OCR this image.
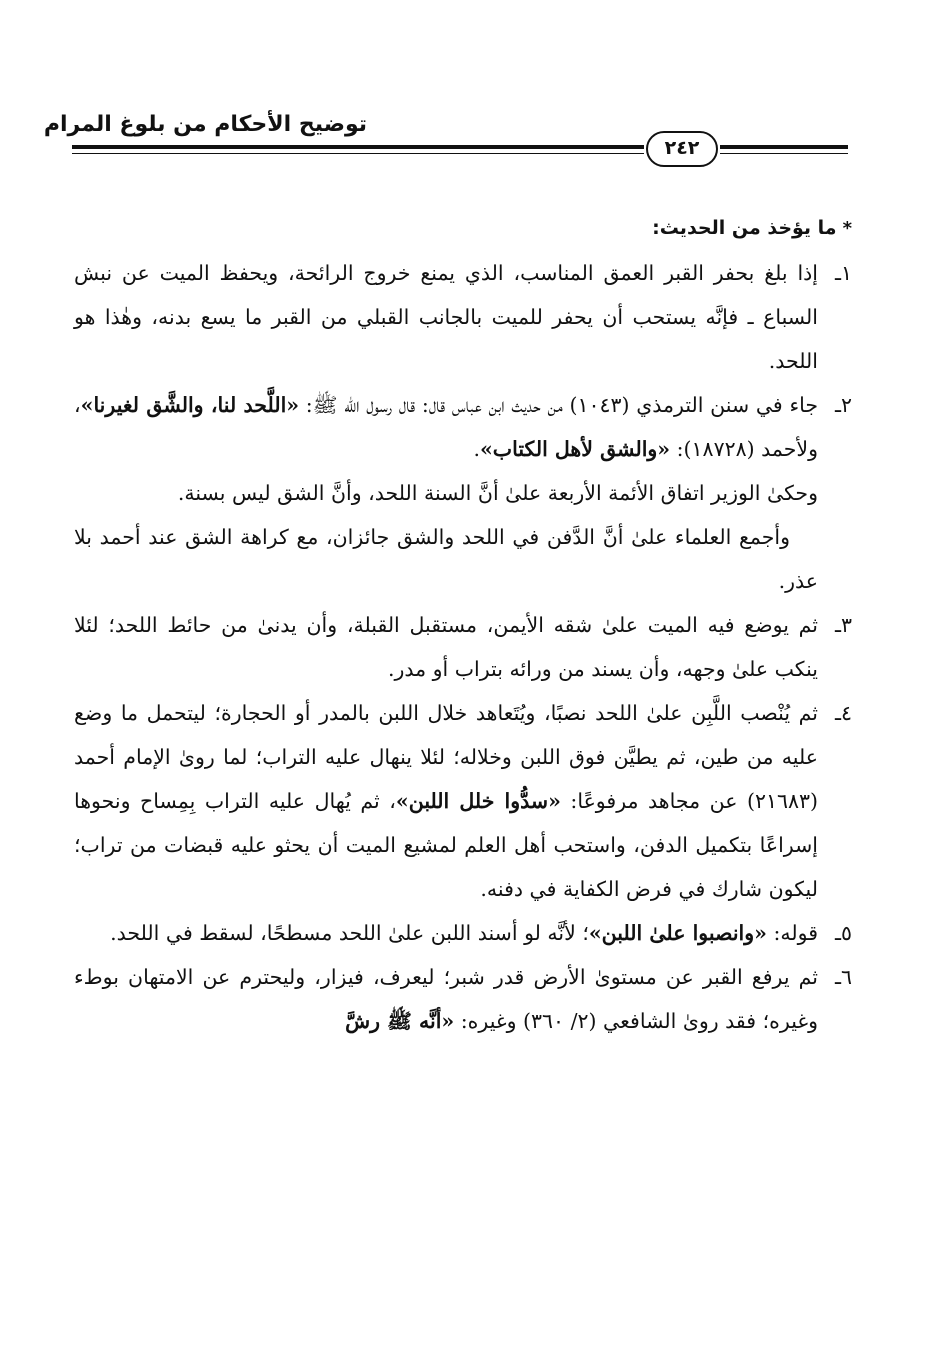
توضيح الأحكام من بلوغ المرام
٢٤٢
*ما يؤخذ من الحديث:

١ـ
إذا بلغ بحفر القبر العمق المناسب، الذي يمنع خروج الرائحة، ويحفظ الميت عن نبش السباع ـ فإنَّه يستحب أن يحفر للميت بالجانب القبلي من القبر ما يسع بدنه، وهٰذا هو اللحد.

٢ـ
جاء في سنن الترمذي (١٠٤٣) من حديث ابن عباس قال: قال رسول الله ﷺ: «اللَّحد لنا، والشَّق لغيرنا»، ولأحمد (١٨٧٢٨): «والشق لأهل الكتاب».

وحكىٰ الوزير اتفاق الأئمة الأربعة علىٰ أنَّ السنة اللحد، وأنَّ الشق ليس بسنة.

وأجمع العلماء علىٰ أنَّ الدَّفن في اللحد والشق جائزان، مع كراهة الشق عند أحمد بلا عذر.

٣ـ
ثم يوضع فيه الميت علىٰ شقه الأيمن، مستقبل القبلة، وأن يدنىٰ من حائط اللحد؛ لئلا ينكب علىٰ وجهه، وأن يسند من ورائه بتراب أو مدر.

٤ـ
ثم يُنْصب اللَّبِن علىٰ اللحد نصبًا، ويُتَعاهد خلال اللبن بالمدر أو الحجارة؛ ليتحمل ما وضع عليه من طين، ثم يطيَّن فوق اللبن وخلاله؛ لئلا ينهال عليه التراب؛ لما روىٰ الإمام أحمد (٢١٦٨٣) عن مجاهد مرفوعًا: «سدُّوا خلل اللبن»، ثم يُهال عليه التراب بِمِساح ونحوها إسراعًا بتكميل الدفن، واستحب أهل العلم لمشيع الميت أن يحثو عليه قبضات من تراب؛ ليكون شارك في فرض الكفاية في دفنه.

٥ـ
قوله: «وانصبوا علىٰ اللبن»؛ لأنَّه لو أسند اللبن علىٰ اللحد مسطحًا، لسقط في اللحد.

٦ـ
ثم يرفع القبر عن مستوىٰ الأرض قدر شبر؛ ليعرف، فيزار، وليحترم عن الامتهان بوطء وغيره؛ فقد روىٰ الشافعي (٢/ ٣٦٠) وغيره: «أنَّه ﷺ رشَّ
